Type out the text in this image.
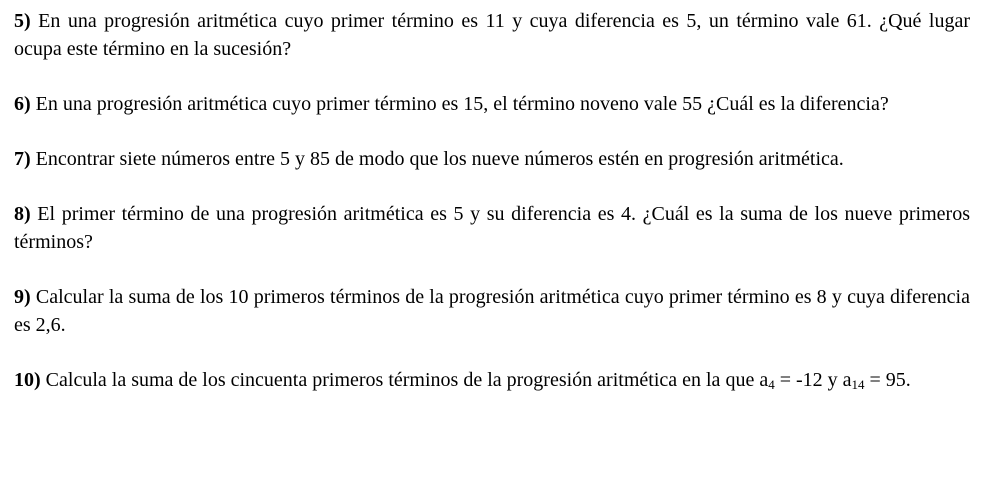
5) En una progresión aritmética cuyo primer término es 11 y cuya diferencia es 5, un término vale 61. ¿Qué lugar ocupa este término en la sucesión?

6) En una progresión aritmética cuyo primer término es 15, el término noveno vale 55 ¿Cuál es la diferencia?

7) Encontrar siete números entre 5 y 85 de modo que los nueve números estén en progresión aritmética.

8) El primer término de una progresión aritmética es 5 y su diferencia es 4. ¿Cuál es la suma de los nueve primeros términos?

9) Calcular la suma de los 10 primeros términos de la progresión aritmética cuyo primer término es 8 y cuya diferencia es 2,6.

10) Calcula la suma de los cincuenta primeros términos de la progresión aritmética en la que $a_4 = -12$ y $a_{14} = 95$.
